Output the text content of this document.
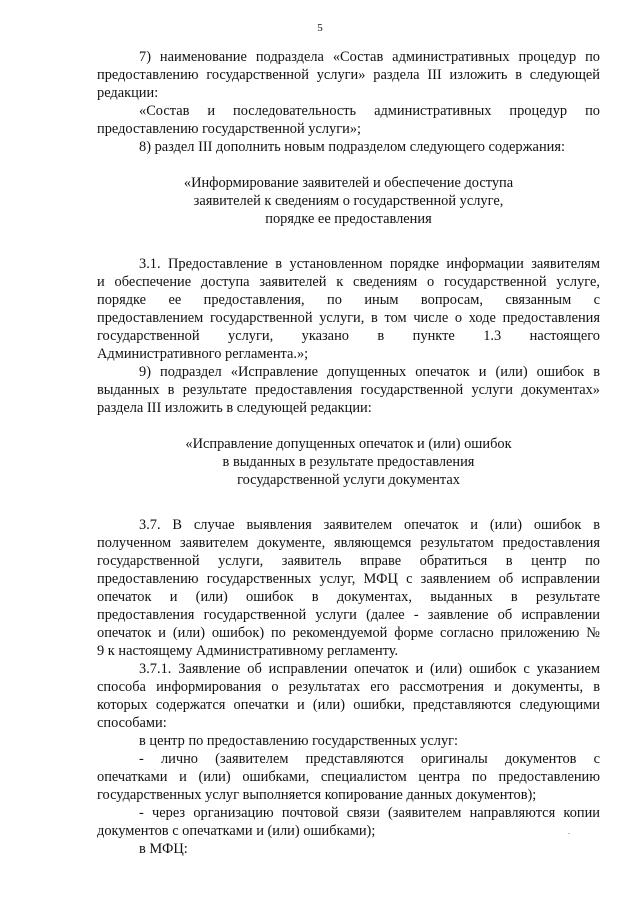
5

7) наименование подраздела «Состав административных процедур по

предоставлению государственной услуги» раздела III изложить в следующей

редакции:

«Состав и последовательность административных процедур по

предоставлению государственной услуги»;

8) раздел III дополнить новым подразделом следующего содержания:

«Информирование заявителей и обеспечение доступа

заявителей к сведениям о государственной услуге,

порядке ее предоставления

3.1. Предоставление в установленном порядке информации заявителям

и обеспечение доступа заявителей к сведениям о государственной услуге,

порядке ее предоставления, по иным вопросам, связанным с

предоставлением государственной услуги, в том числе о ходе предоставления

государственной услуги, указано в пункте 1.3 настоящего

Административного регламента.»;

9) подраздел «Исправление допущенных опечаток и (или) ошибок в

выданных в результате предоставления государственной услуги документах»

раздела III изложить в следующей редакции:

«Исправление допущенных опечаток и (или) ошибок

в выданных в результате предоставления

государственной услуги документах

3.7. В случае выявления заявителем опечаток и (или) ошибок в

полученном заявителем документе, являющемся результатом предоставления

государственной услуги, заявитель вправе обратиться в центр по

предоставлению государственных услуг, МФЦ с заявлением об исправлении

опечаток и (или) ошибок в документах, выданных в результате

предоставления государственной услуги (далее - заявление об исправлении

опечаток и (или) ошибок) по рекомендуемой форме согласно приложению №

9 к настоящему Административному регламенту.

3.7.1. Заявление об исправлении опечаток и (или) ошибок с указанием

способа информирования о результатах его рассмотрения и документы, в

которых содержатся опечатки и (или) ошибки, представляются следующими

способами:

в центр по предоставлению государственных услуг:

- лично (заявителем представляются оригиналы документов с

опечатками и (или) ошибками, специалистом центра по предоставлению

государственных услуг выполняется копирование данных документов);

- через организацию почтовой связи (заявителем направляются копии

документов с опечатками и (или) ошибками);

в МФЦ:
